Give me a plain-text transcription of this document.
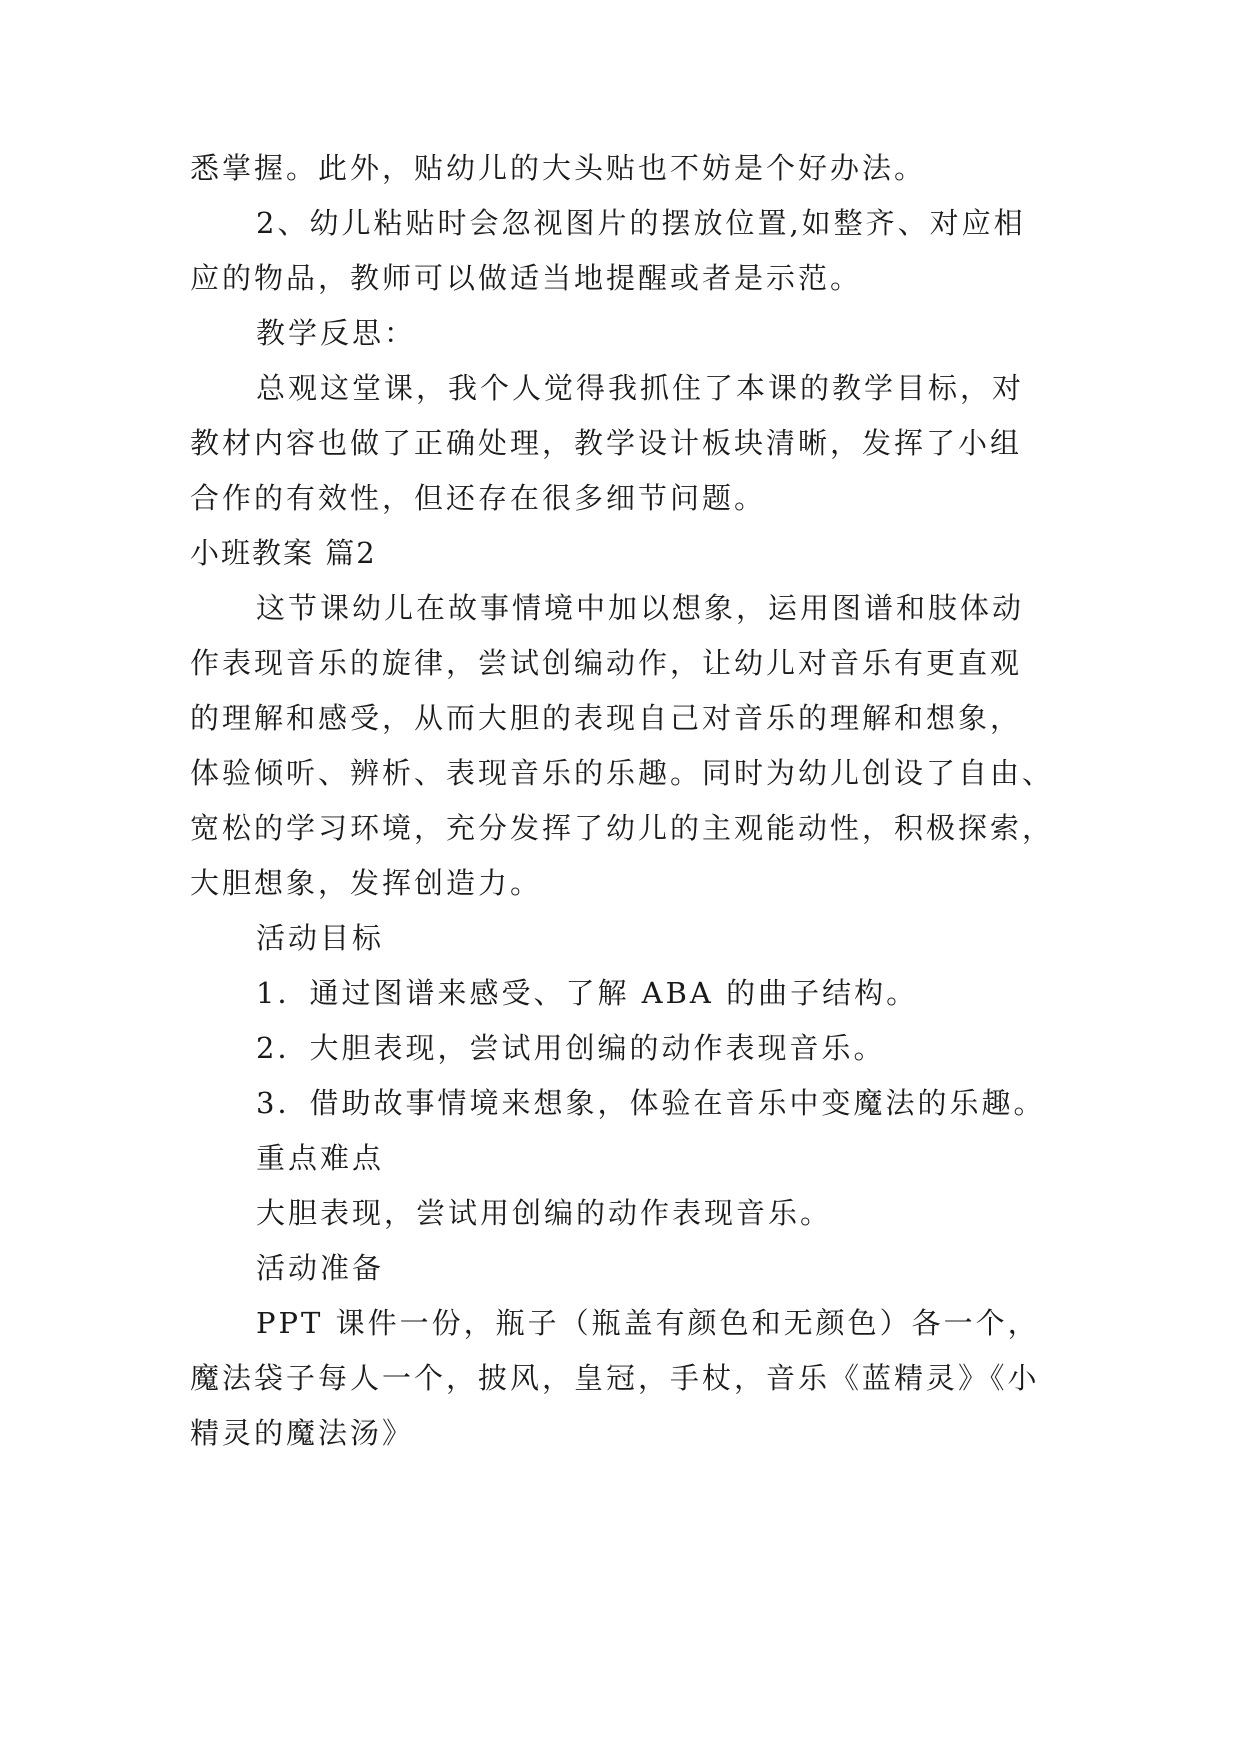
悉掌握。此外，贴幼儿的大头贴也不妨是个好办法。
2、幼儿粘贴时会忽视图片的摆放位置,如整齐、对应相
应的物品，教师可以做适当地提醒或者是示范。
教学反思：
总观这堂课，我个人觉得我抓住了本课的教学目标，对
教材内容也做了正确处理，教学设计板块清晰，发挥了小组
合作的有效性，但还存在很多细节问题。
小班教案 篇2
这节课幼儿在故事情境中加以想象，运用图谱和肢体动
作表现音乐的旋律，尝试创编动作，让幼儿对音乐有更直观
的理解和感受，从而大胆的表现自己对音乐的理解和想象，
体验倾听、辨析、表现音乐的乐趣。同时为幼儿创设了自由、
宽松的学习环境，充分发挥了幼儿的主观能动性，积极探索，
大胆想象，发挥创造力。
活动目标
1．通过图谱来感受、了解 ABA 的曲子结构。
2．大胆表现，尝试用创编的动作表现音乐。
3．借助故事情境来想象，体验在音乐中变魔法的乐趣。
重点难点
大胆表现，尝试用创编的动作表现音乐。
活动准备
PPT 课件一份，瓶子（瓶盖有颜色和无颜色）各一个，
魔法袋子每人一个，披风，皇冠，手杖，音乐《蓝精灵》《小
精灵的魔法汤》
